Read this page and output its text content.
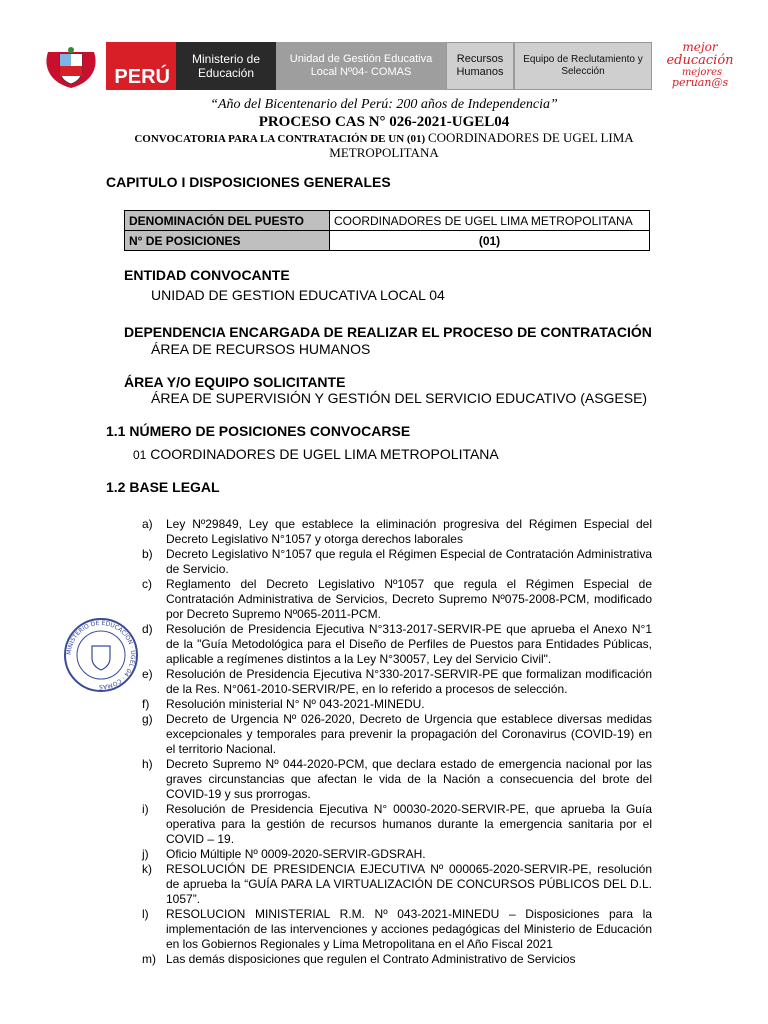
PERÚ
Ministerio de Educación
Unidad de Gestión Educativa Local Nº04- COMAS
Recursos Humanos
Equipo de Reclutamiento y Selección
mejor
educación
mejores
peruan@s
“Año del Bicentenario del Perú: 200 años de Independencia”
PROCESO CAS N° 026-2021-UGEL04
CONVOCATORIA PARA LA CONTRATACIÓN DE UN (01) COORDINADORES DE UGEL LIMA
METROPOLITANA
CAPITULO I DISPOSICIONES GENERALES
DENOMINACIÓN DEL PUESTO	COORDINADORES DE UGEL LIMA METROPOLITANA
N° DE POSICIONES	(01)
ENTIDAD CONVOCANTE
UNIDAD DE GESTION EDUCATIVA LOCAL 04
DEPENDENCIA ENCARGADA DE REALIZAR EL PROCESO DE CONTRATACIÓN
ÁREA DE RECURSOS HUMANOS
ÁREA Y/O EQUIPO SOLICITANTE
ÁREA DE SUPERVISIÓN Y GESTIÓN DEL SERVICIO EDUCATIVO (ASGESE)
1.1 NÚMERO DE POSICIONES CONVOCARSE
01 COORDINADORES DE UGEL LIMA METROPOLITANA
1.2 BASE LEGAL
MINISTERIO DE EDUCACIÓN · UGEL 04 · COMAS
a)	Ley Nº29849, Ley que establece la eliminación progresiva del Régimen Especial del Decreto Legislativo N°1057 y otorga derechos laborales
b)	Decreto Legislativo N°1057 que regula el Régimen Especial de Contratación Administrativa de Servicio.
c)	Reglamento del Decreto Legislativo Nº1057 que regula el Régimen Especial de Contratación Administrativa de Servicios, Decreto Supremo Nº075-2008-PCM, modificado por Decreto Supremo Nº065-2011-PCM.
d)	Resolución de Presidencia Ejecutiva N°313-2017-SERVIR-PE que aprueba el Anexo N°1 de la "Guía Metodológica para el Diseño de Perfiles de Puestos para Entidades Públicas, aplicable a regímenes distintos a la Ley N°30057, Ley del Servicio Civil".
e)	Resolución de Presidencia Ejecutiva N°330-2017-SERVIR-PE que formalizan modificación de la Res. N°061-2010-SERVIR/PE, en lo referido a procesos de selección.
f)	Resolución ministerial N° Nº 043-2021-MINEDU.
g)	Decreto de Urgencia Nº 026-2020, Decreto de Urgencia que establece diversas medidas excepcionales y temporales para prevenir la propagación del Coronavirus (COVID-19) en el territorio Nacional.
h)	Decreto Supremo Nº 044-2020-PCM, que declara estado de emergencia nacional por las graves circunstancias que afectan le vida de la Nación a consecuencia del brote del COVID-19 y sus prorrogas.
i)	Resolución de Presidencia Ejecutiva N° 00030-2020-SERVIR-PE, que aprueba la Guía operativa para la gestión de recursos humanos durante la emergencia sanitaria por el COVID – 19.
j)	Oficio Múltiple Nº 0009-2020-SERVIR-GDSRAH.
k)	RESOLUCIÓN DE PRESIDENCIA EJECUTIVA Nº 000065-2020-SERVIR-PE, resolución de aprueba la “GUÍA PARA LA VIRTUALIZACIÓN DE CONCURSOS PÚBLICOS DEL D.L. 1057”.
l)	RESOLUCION MINISTERIAL R.M. Nº 043-2021-MINEDU – Disposiciones para la implementación de las intervenciones y acciones pedagógicas del Ministerio de Educación en los Gobiernos Regionales y Lima Metropolitana en el Año Fiscal 2021
m) Las demás disposiciones que regulen el Contrato Administrativo de Servicios
